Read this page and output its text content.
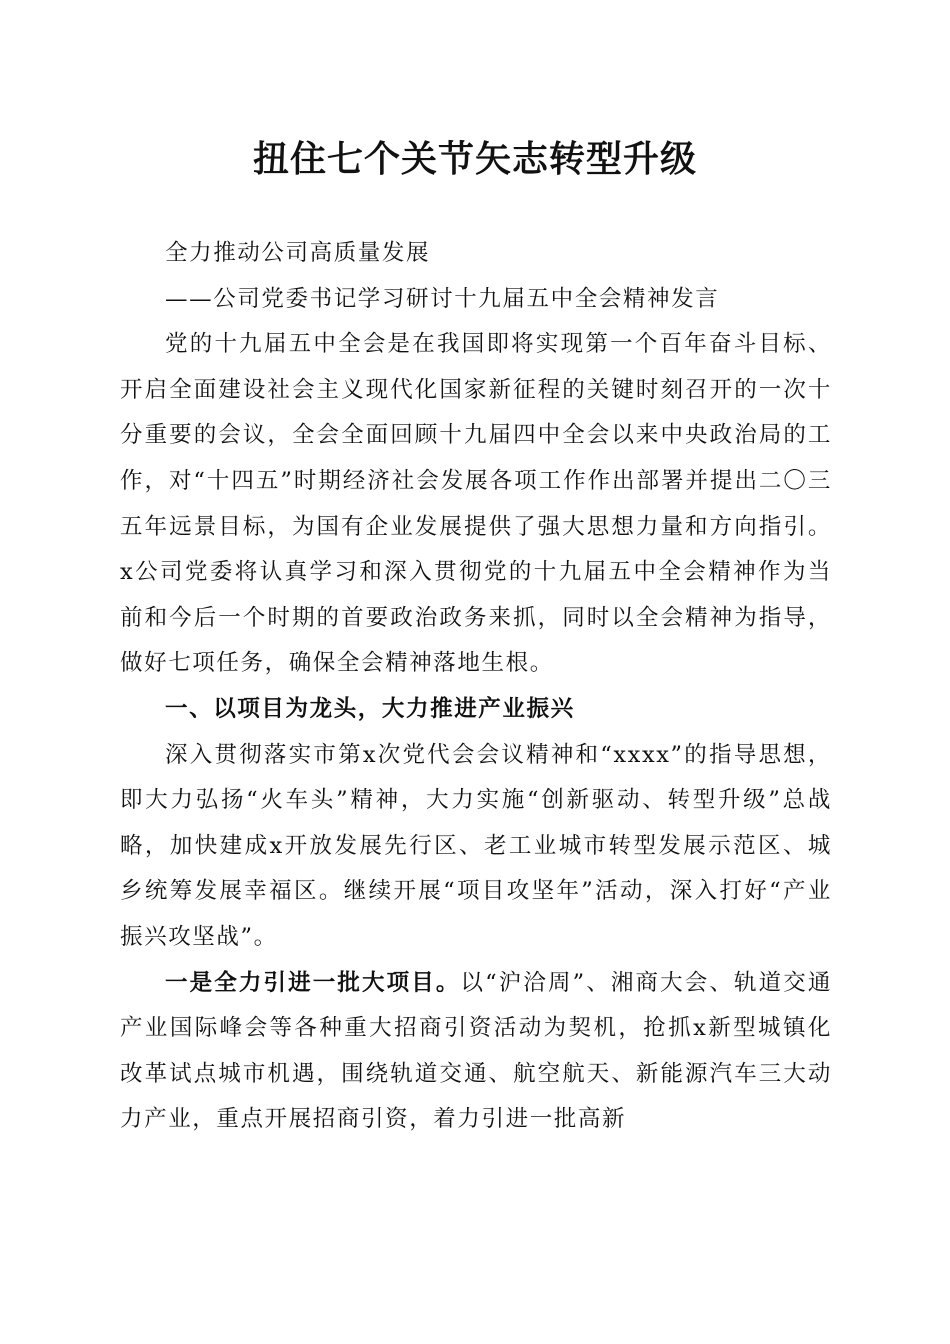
扭住七个关节矢志转型升级

全力推动公司高质量发展

——公司党委书记学习研讨十九届五中全会精神发言

党的十九届五中全会是在我国即将实现第一个百年奋斗目标、开启全面建设社会主义现代化国家新征程的关键时刻召开的一次十分重要的会议，全会全面回顾十九届四中全会以来中央政治局的工作，对“十四五”时期经济社会发展各项工作作出部署并提出二〇三五年远景目标，为国有企业发展提供了强大思想力量和方向指引。x公司党委将认真学习和深入贯彻党的十九届五中全会精神作为当前和今后一个时期的首要政治政务来抓，同时以全会精神为指导，做好七项任务，确保全会精神落地生根。

一、以项目为龙头，大力推进产业振兴

深入贯彻落实市第x次党代会会议精神和“xxxx”的指导思想，即大力弘扬“火车头”精神，大力实施“创新驱动、转型升级”总战略，加快建成x开放发展先行区、老工业城市转型发展示范区、城乡统筹发展幸福区。继续开展“项目攻坚年”活动，深入打好“产业振兴攻坚战”。

一是全力引进一批大项目。以“沪洽周”、湘商大会、轨道交通产业国际峰会等各种重大招商引资活动为契机，抢抓x新型城镇化改革试点城市机遇，围绕轨道交通、航空航天、新能源汽车三大动力产业，重点开展招商引资，着力引进一批高新
